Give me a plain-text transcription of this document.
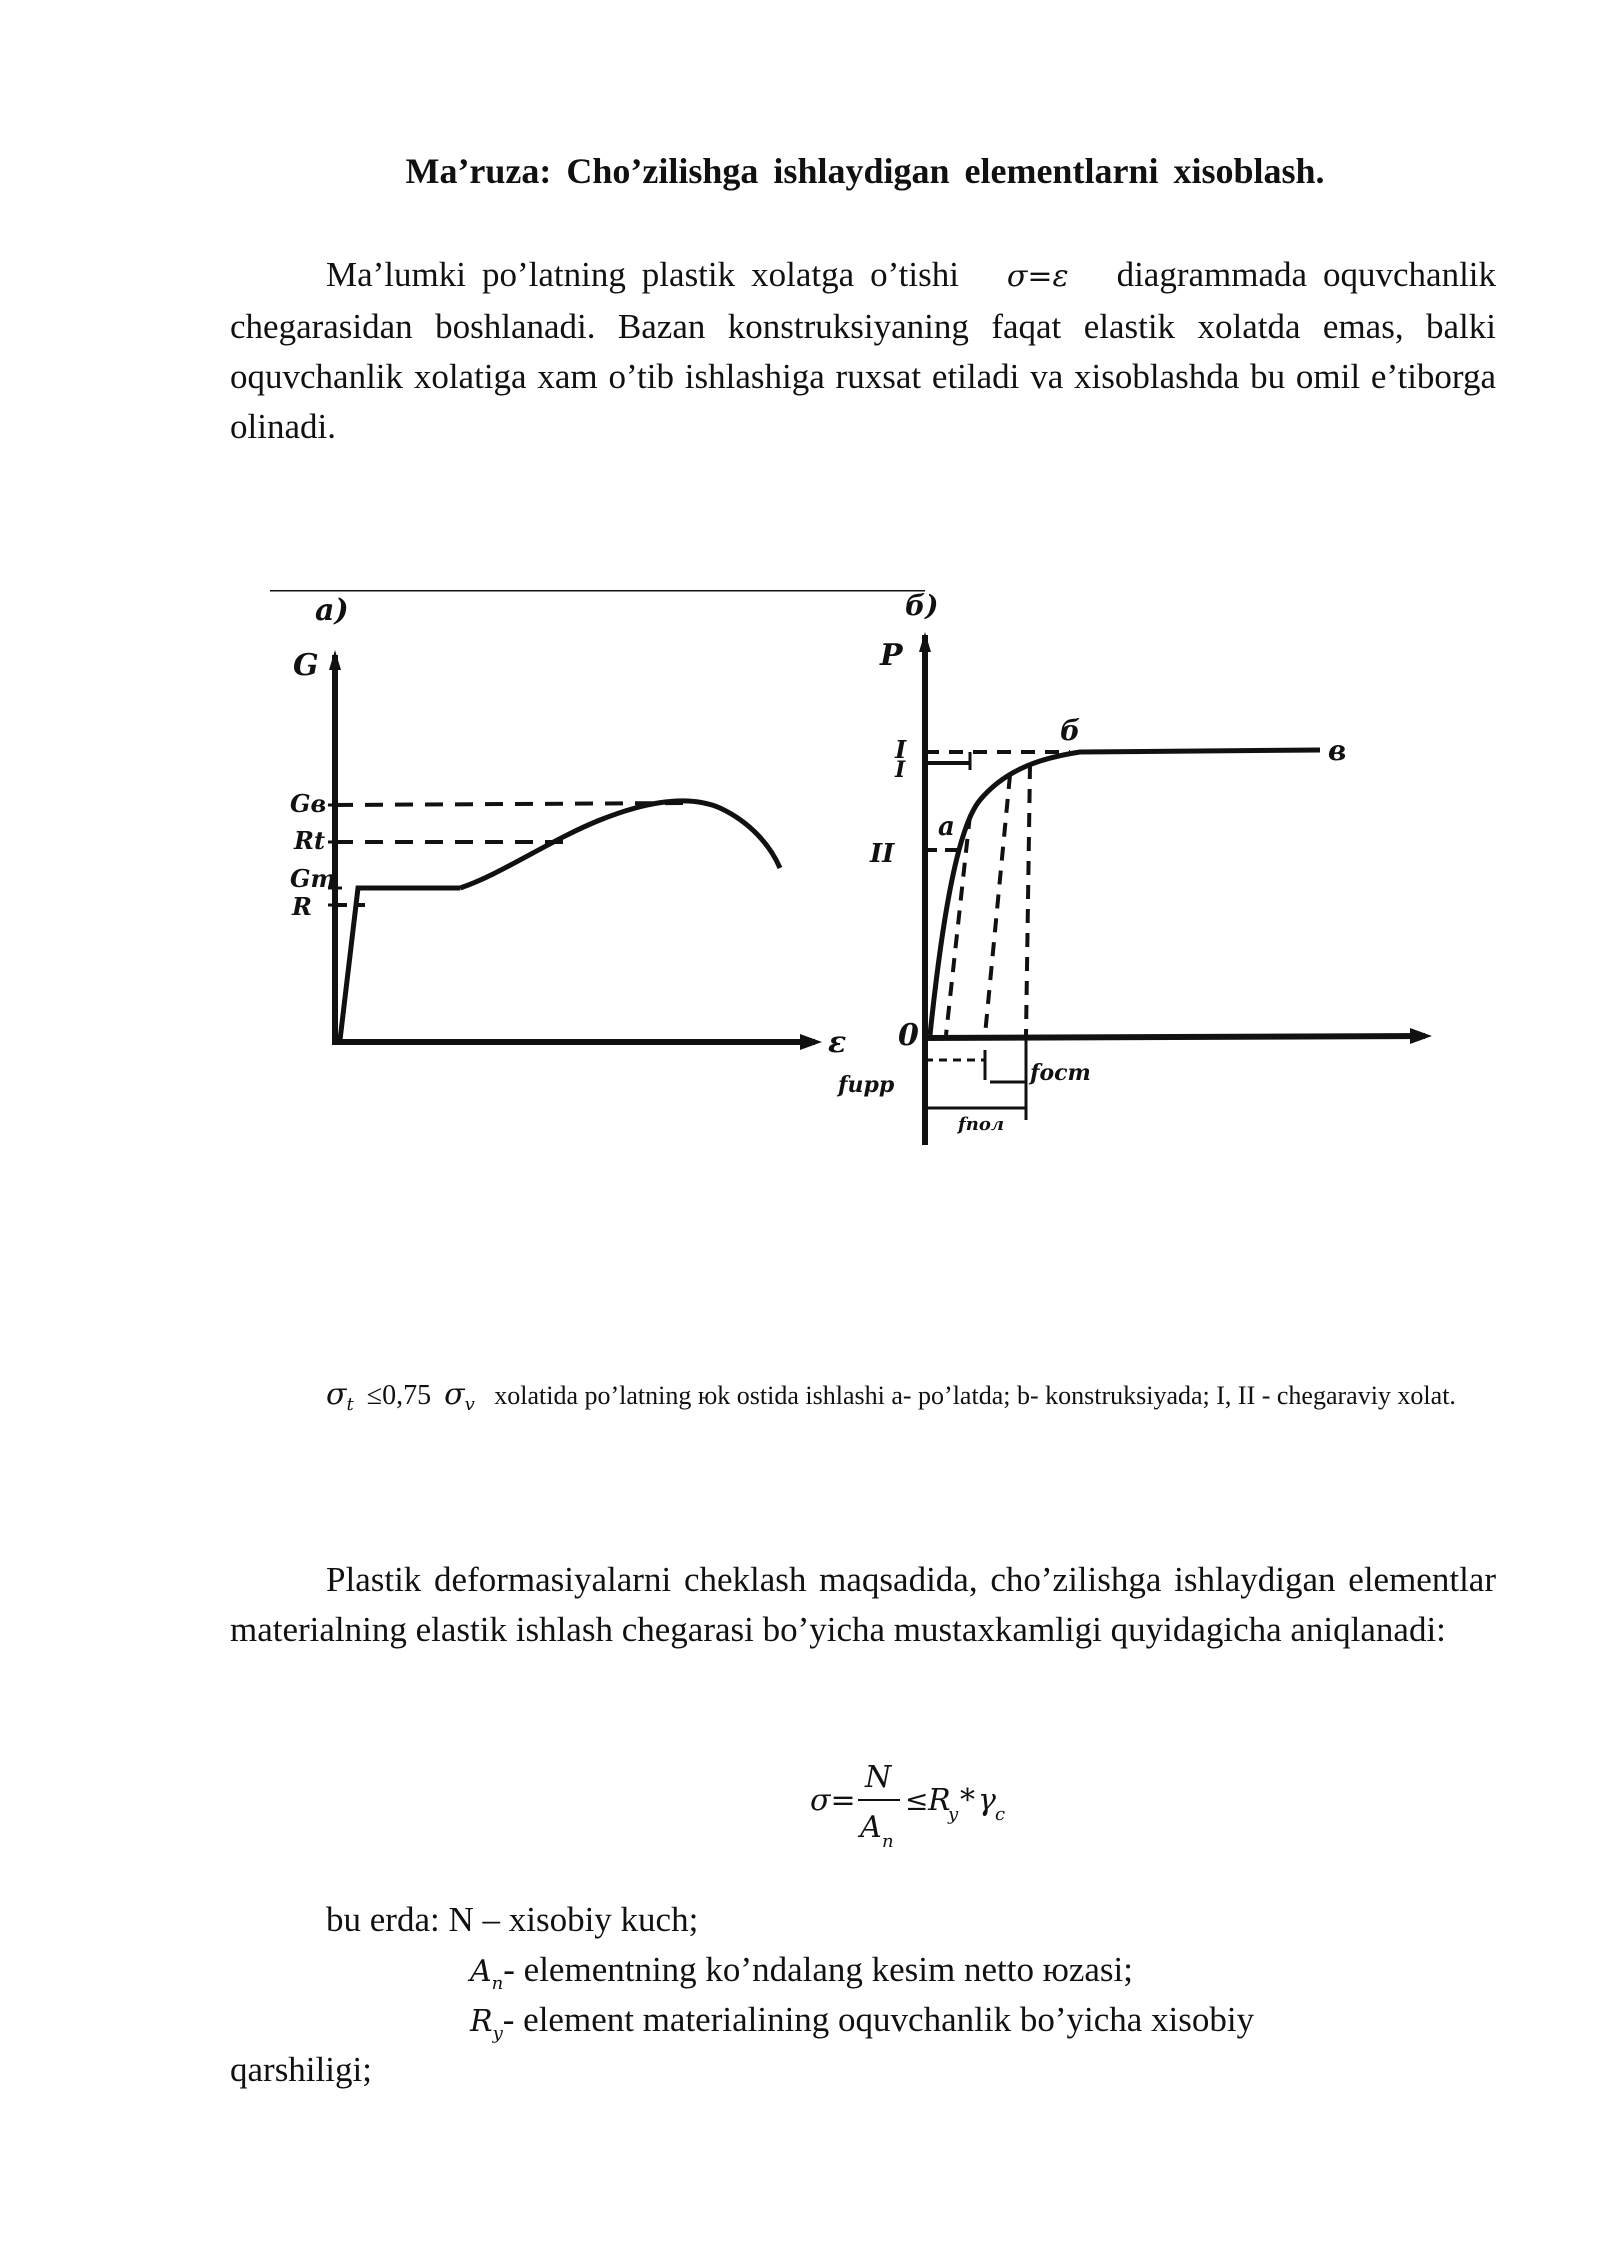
Ma’ruza: Cho’zilishga ishlaydigan elementlarni xisoblash.
Ma’lumki po’latning plastik xolatga o’tishi σ=ε diagrammada oquvchanlik chegarasidan boshlanadi. Bazan konstruksiyaning faqat elastik xolatda emas, balki oquvchanlik xolatiga xam o’tib ishlashiga ruxsat etiladi va xisoblashda bu omil e’tiborga olinadi.
a)
G
ε
Gв
Rt
Gт
R
б)
P
0
I
I
II
б
в
a
fupp	fост
fпол
$\sigma_t \le 0,75$ $\sigma_v$ xolatida po’latning юk ostida ishlashi a- po’latda; b- konstruksiyada; I, II - chegaraviy xolat.
Plastik deformasiyalarni cheklash maqsadida, cho’zilishga ishlaydigan elementlar materialning elastik ishlash chegarasi bo’yicha mustaxkamligi quyidagicha aniqlanadi:
σ=
N
A n
≤ R
y * γ c
bu erda: N – xisobiy kuch;
$A_n-$ elementning ko’ndalang kesim netto юzasi;
$R_y-$ element materialining oquvchanlik bo’yicha xisobiy
qarshiligi;
